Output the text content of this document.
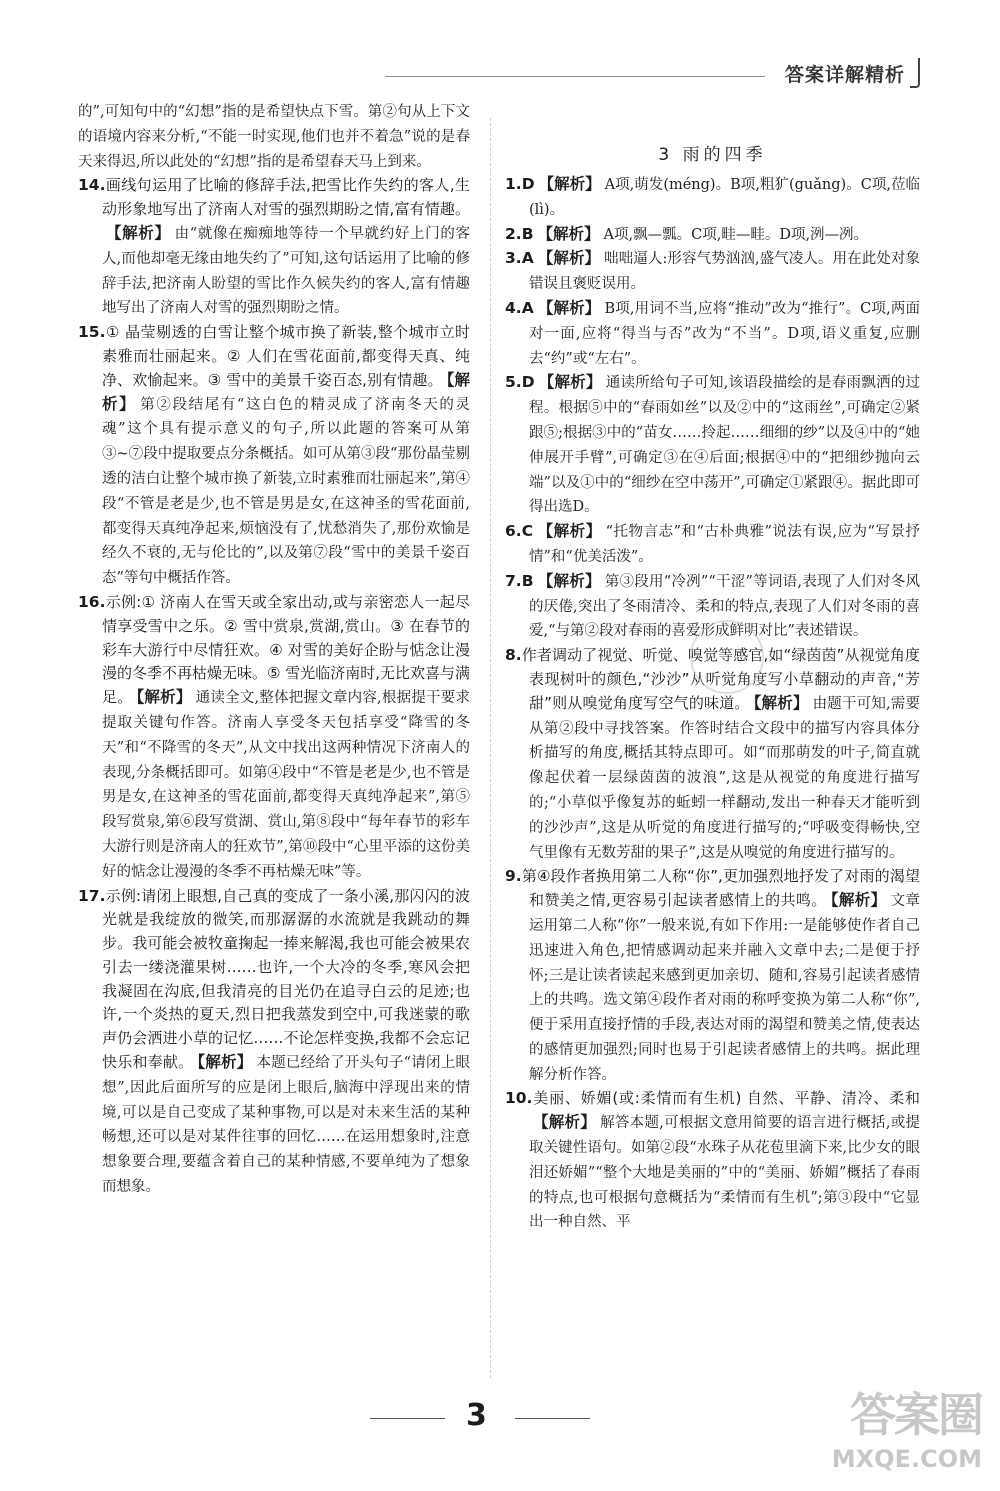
答案详解精析

的”,可知句中的“幻想”指的是希望快点下雪。第②句从上下文的语境内容来分析,“不能一时实现,他们也并不着急”说的是春天来得迟,所以此处的“幻想”指的是希望春天马上到来。

14.画线句运用了比喻的修辞手法,把雪比作失约的客人,生动形象地写出了济南人对雪的强烈期盼之情,富有情趣。【解析】 由“就像在痴痴地等待一个早就约好上门的客人,而他却毫无缘由地失约了”可知,这句话运用了比喻的修辞手法,把济南人盼望的雪比作久候失约的客人,富有情趣地写出了济南人对雪的强烈期盼之情。

15.① 晶莹剔透的白雪让整个城市换了新装,整个城市立时素雅而壮丽起来。② 人们在雪花面前,都变得天真、纯净、欢愉起来。③ 雪中的美景千姿百态,别有情趣。 【解析】 第②段结尾有“这白色的精灵成了济南冬天的灵魂”这个具有提示意义的句子,所以此题的答案可从第③~⑦段中提取要点分条概括。如可从第③段“那份晶莹剔透的洁白让整个城市换了新装,立时素雅而壮丽起来”,第④段“不管是老是少,也不管是男是女,在这神圣的雪花面前,都变得天真纯净起来,烦恼没有了,忧愁消失了,那份欢愉是经久不衰的,无与伦比的”,以及第⑦段“雪中的美景千姿百态”等句中概括作答。

16.示例:① 济南人在雪天或全家出动,或与亲密恋人一起尽情享受雪中之乐。② 雪中赏泉,赏湖,赏山。③ 在春节的彩车大游行中尽情狂欢。④ 对雪的美好企盼与惦念让漫漫的冬季不再枯燥无味。⑤ 雪光临济南时,无比欢喜与满足。 【解析】 通读全文,整体把握文章内容,根据提干要求提取关键句作答。济南人享受冬天包括享受“降雪的冬天”和“不降雪的冬天”,从文中找出这两种情况下济南人的表现,分条概括即可。如第④段中“不管是老是少,也不管是男是女,在这神圣的雪花面前,都变得天真纯净起来”,第⑤段写赏泉,第⑥段写赏湖、赏山,第⑧段中“每年春节的彩车大游行则是济南人的狂欢节”,第⑩段中“心里平添的这份美好的惦念让漫漫的冬季不再枯燥无味”等。

17.示例:请闭上眼想,自己真的变成了一条小溪,那闪闪的波光就是我绽放的微笑,而那潺潺的水流就是我跳动的舞步。我可能会被牧童掬起一捧来解渴,我也可能会被果农引去一缕浇灌果树……也许,一个大冷的冬季,寒风会把我凝固在沟底,但我清亮的目光仍在追寻白云的足迹;也许,一个炎热的夏天,烈日把我蒸发到空中,可我迷蒙的歌声仍会洒进小草的记忆……不论怎样变换,我都不会忘记快乐和奉献。 【解析】 本题已经给了开头句子“请闭上眼想”,因此后面所写的应是闭上眼后,脑海中浮现出来的情境,可以是自己变成了某种事物,可以是对未来生活的某种畅想,还可以是对某件往事的回忆……在运用想象时,注意想象要合理,要蕴含着自己的某种情感,不要单纯为了想象而想象。

3 雨的四季

1.D 【解析】 A项,萌发(méng)。B项,粗犷(guǎng)。C项,莅临(lì)。

2.B 【解析】 A项,飘—瓢。C项,畦—畦。D项,洌—冽。

3.A 【解析】 咄咄逼人:形容气势汹汹,盛气凌人。用在此处对象错误且褒贬误用。

4.A 【解析】 B项,用词不当,应将“推动”改为“推行”。C项,两面对一面,应将“得当与否”改为“不当”。D项,语义重复,应删去“约”或“左右”。

5.D 【解析】 通读所给句子可知,该语段描绘的是春雨飘洒的过程。根据⑤中的“春雨如丝”以及②中的“这雨丝”,可确定②紧跟⑤;根据③中的“苗女……拎起……细细的纱”以及④中的“她伸展开手臂”,可确定③在④后面;根据④中的“把细纱抛向云端”以及①中的“细纱在空中荡开”,可确定①紧跟④。据此即可得出选D。

6.C 【解析】 “托物言志”和“古朴典雅”说法有误,应为“写景抒情”和“优美活泼”。

7.B 【解析】 第③段用“冷冽”“干涩”等词语,表现了人们对冬风的厌倦,突出了冬雨清冷、柔和的特点,表现了人们对冬雨的喜爱,“与第②段对春雨的喜爱形成鲜明对比”表述错误。

8.作者调动了视觉、听觉、嗅觉等感官,如“绿茵茵”从视觉角度表现树叶的颜色,“沙沙”从听觉角度写小草翻动的声音,“芳甜”则从嗅觉角度写空气的味道。 【解析】 由题干可知,需要从第②段中寻找答案。作答时结合文段中的描写内容具体分析描写的角度,概括其特点即可。如“而那萌发的叶子,简直就像起伏着一层绿茵茵的波浪”,这是从视觉的角度进行描写的;“小草似乎像复苏的蚯蚓一样翻动,发出一种春天才能听到的沙沙声”,这是从听觉的角度进行描写的;“呼吸变得畅快,空气里像有无数芳甜的果子”,这是从嗅觉的角度进行描写的。

9.第④段作者换用第二人称“你”,更加强烈地抒发了对雨的渴望和赞美之情,更容易引起读者感情上的共鸣。 【解析】 文章运用第二人称“你”一般来说,有如下作用:一是能够使作者自己迅速进入角色,把情感调动起来并融入文章中去;二是便于抒怀;三是让读者读起来感到更加亲切、随和,容易引起读者感情上的共鸣。选文第④段作者对雨的称呼变换为第二人称“你”,便于采用直接抒情的手段,表达对雨的渴望和赞美之情,使表达的感情更加强烈;同时也易于引起读者感情上的共鸣。据此理解分析作答。

10.美丽、娇媚(或:柔情而有生机) 自然、平静、清冷、柔和【解析】 解答本题,可根据文意用简要的语言进行概括,或提取关键性语句。如第②段“水珠子从花苞里滴下来,比少女的眼泪还娇媚”“整个大地是美丽的”中的“美丽、娇媚”概括了春雨的特点,也可根据句意概括为“柔情而有生机”;第③段中“它显出一种自然、平

3	答案圈
MXQE.COM
